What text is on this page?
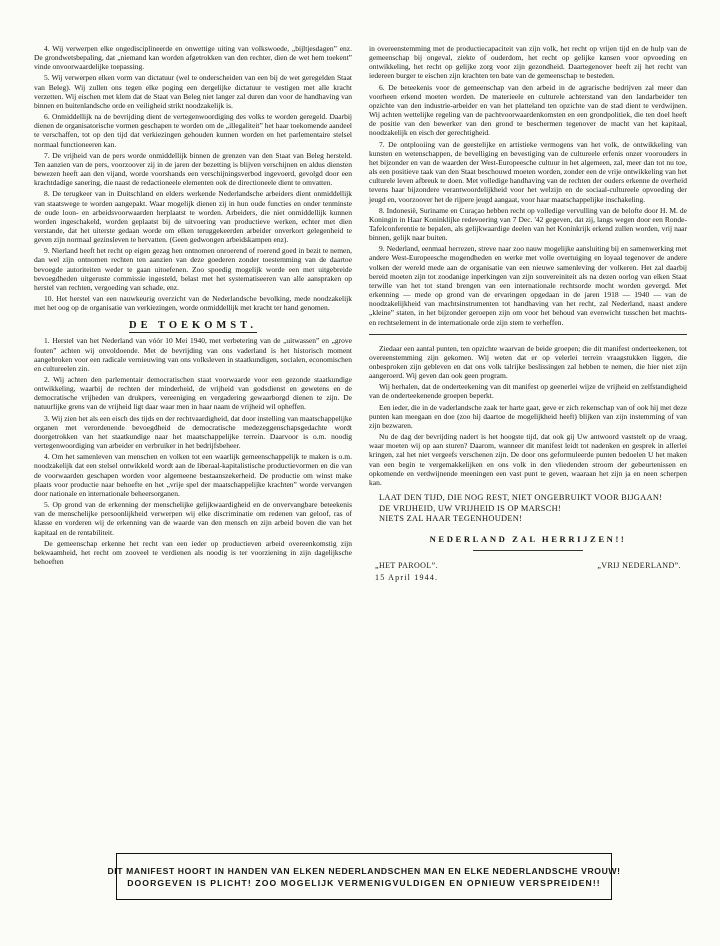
4. Wij verwerpen elke ongedisciplineerde en onwettige uiting van volkswoede, „bijltjesdagen” enz. De grondwetsbepaling, dat „niemand kan worden afgetrokken van den rechter, dien de wet hem toekent” vinde onvoorwaardelijke toepassing.

5. Wij verwerpen elken vorm van dictatuur (wel te onderscheiden van een bij de wet geregelden Staat van Beleg). Wij zullen ons tegen elke poging een dergelijke dictatuur te vestigen met alle kracht verzetten. Wij eischen met klem dat de Staat van Beleg niet langer zal duren dan voor de handhaving van binnen en buitenlandsche orde en veiligheid strikt noodzakelijk is.

6. Onmiddellijk na de bevrijding dient de vertegenwoordiging des volks te worden geregeld. Daarbij dienen de organisatorische vormen geschapen te worden om de „illegaliteit” het haar toekomende aandeel te verschaffen, tot op den tijd dat verkiezingen gehouden kunnen worden en het parlementaire stelsel normaal functioneeren kan.

7. De vrijheid van de pers worde onmiddellijk binnen de grenzen van den Staat van Beleg hersteld. Ten aanzien van de pers, voorzoover zij in de jaren der bezetting is blijven verschijnen en aldus diensten bewezen heeft aan den vijand, worde voorshands een verschijningsverbod ingevoerd, gevolgd door een krachtdadige sanering, die naast de redactioneele elementen ook de directioneele dient te omvatten.

8. De terugkeer van in Duitschland en elders werkende Nederlandsche arbeiders dient onmiddellijk van staatswege te worden aangepakt. Waar mogelijk dienen zij in hun oude functies en onder tenminste de oude loon- en arbeidsvoorwaarden herplaatst te worden. Arbeiders, die niet onmiddellijk kunnen worden ingeschakeld, worden geplaatst bij de uitvoering van productieve werken, echter met dien verstande, dat het uiterste gedaan worde om elken teruggekeerden arbeider onverkort gelegenheid te geven zijn normaal gezinsleven te hervatten. (Geen gedwongen arbeidskampen enz).

9. Nierland heeft het recht op eigen gezag hen ontnomen onroerend of roerend goed in bezit te nemen, dan wel zijn ontnomen rechten ten aanzien van deze goederen zonder toestemming van de daartoe bevoegde autoriteiten weder te gaan uitoefenen. Zoo spoedig mogelijk worde een met uitgebreide bevoegdheden uitgeruste commissie ingesteld, belast met het systematiseeren van alle aanspraken op herstel van rechten, vergoeding van schade, enz.

10. Het herstel van een nauwkeurig overzicht van de Nederlandsche bevolking, mede noodzakelijk met het oog op de organisatie van verkiezingen, worde onmiddellijk met kracht ter hand genomen.

DE TOEKOMST.

1. Herstel van het Nederland van vóór 10 Mei 1940, met verbetering van de „uitwassen” en „grove fouten” achten wij onvoldoende. Met de bevrijding van ons vaderland is het historisch moment aangebroken voor een radicale vernieuwing van ons volksleven in staatkundigen, socialen, economischen en cultureelen zin.

2. Wij achten den parlementair democratischen staat voorwaarde voor een gezonde staatkundige ontwikkeling, waarbij de rechten der minderheid, de vrijheid van godsdienst en gewetens en de democratische vrijheden van drukpers, vereeniging en vergadering gewaarborgd dienen te zijn. De natuurlijke grens van de vrijheid ligt daar waar men in haar naam de vrijheid wil opheffen.

3. Wij zien het als een eisch des tijds en der rechtvaardigheid, dat door instelling van maatschappelijke organen met verordenende bevoegdheid de democratische medezeggenschapsgedachte wordt doorgetrokken van het staatkundige naar het maatschappelijke terrein. Daarvoor is o.m. noodig vertegenwoordiging van arbeider en verbruiker in het bedrijfsbeheer.

4. Om het samenleven van menschen en volken tot een waarlijk gemeenschappelijk te maken is o.m. noodzakelijk dat een stelsel ontwikkeld wordt aan de liberaal-kapitalistische productievormen en die van de voorwaarden geschapen worden voor algemeene bestaanszekerheid. De productie om winst make plaats voor productie naar behoefte en het „vrije spel der maatschappelijke krachten” worde vervangen door nationale en internationale beheersorganen.

5. Op grond van de erkenning der menschelijke gelijkwaardigheid en de onvervangbare beteekenis van de menschelijke persoonlijkheid verwerpen wij elke discriminatie om redenen van geloof, ras of klasse en vorderen wij de erkenning van de waarde van den mensch en zijn arbeid boven die van het kapitaal en de rentabiliteit.

De gemeenschap erkenne het recht van een ieder op productieven arbeid overeenkomstig zijn bekwaamheid, het recht om zooveel te verdienen als noodig is ter voorziening in zijn dagelijksche behoeften

in overeenstemming met de productiecapaciteit van zijn volk, het recht op vrijen tijd en de hulp van de gemeenschap bij ongeval, ziekte of ouderdom, het recht op gelijke kansen voor opvoeding en ontwikkeling, het recht op gelijke zorg voor zijn gezondheid. Daartegenover heeft zij het recht van iedereen burger te eischen zijn krachten ten bate van de gemeenschap te besteden.

6. De beteekenis voor de gemeenschap van den arbeid in de agrarische bedrijven zal meer dan voorheen erkend moeten worden. De materieele en culturele achterstand van den landarbeider ten opzichte van den industrie-arbeider en van het platteland ten opzichte van de stad dient te verdwijnen. Wij achten wettelijke regeling van de pachtvoorwaardenkomsten en een grondpolitiek, die ten doel heeft de positie van den bewerker van den grond te beschermen tegenover de macht van het kapitaal, noodzakelijk en eisch der gerechtigheid.

7. De ontplooiing van de geestelijke en artistieke vermogens van het volk, de ontwikkeling van kunsten en wetenschappen, de bevelliging en bevestiging van de cultureele erfenis onzer voorouders in het bijzonder en van de waarden der West-Europeesche cultuur in het algemeen, zal, meer dan tot nu toe, als een positieve taak van den Staat beschouwd moeten worden, zonder een de vrije ontwikkeling van het culturele leven afbreuk te doen. Met volledige handhaving van de rechten der ouders erkenne de overheid tevens haar bijzondere verantwoordelijkheid voor het welzijn en de sociaal-cultureele opvoeding der jeugd en, voorzoover het de rijpere jeugd aangaat, voor haar maatschappelijke inschakeling.

8. Indonesië, Suriname en Curaçao hebben recht op volledige vervulling van de belofte door H. M. de Koningin in Haar Koninklijke redevoering van 7 Dec. '42 gegeven, dat zij, langs wegen door een Ronde-Tafelconferentie te bepalen, als gelijkwaardige deelen van het Koninkrijk erkend zullen worden, vrij naar binnen, gelijk naar buiten.

9. Nederland, eenmaal herrezen, streve naar zoo nauw mogelijke aansluiting bij en samenwerking met andere West-Europeesche mogendheden en werke met volle overtuiging en loyaal tegenover de andere volken der wereld mede aan de organisatie van een nieuwe samenleving der volkeren. Het zal daarbij bereid moeten zijn tot zoodanige inperkingen van zijn souvereiniteit als na dezen oorlog van elken Staat terwille van het tot stand brengen van een internationale rechtsorde mocht worden gevergd. Met erkenning — mede op grond van de ervaringen opgedaan in de jaren 1918 — 1940 — van de noodzakelijkheid van machtsinstrumenten tot handhaving van het recht, zal Nederland, naast andere „kleine” staten, in het bijzonder geroepen zijn om voor het behoud van evenwicht tusschen het machts- en rechtselement in de internationale orde zijn stem te verheffen.

Ziedaar een aantal punten, ten opzichte waarvan de beide groepen; die dit manifest onderteekenen, tot overeenstemming zijn gekomen. Wij weten dat er op velerlei terrein vraagstukken liggen, die onbesproken zijn gebleven en dat ons volk talrijke beslissingen zal hebben te nemen, die hier niet zijn aangeroerd. Wij geven dan ook geen program.

Wij herhalen, dat de onderteekening van dit manifest op geenerlei wijze de vrijheid en zelfstandigheid van de onderteekenende groepen beperkt.

Een ieder, die in de vaderlandsche zaak ter harte gaat, geve er zich rekenschap van of ook hij met deze punten kan meegaan en doe (zoo hij daartoe de mogelijkheid heeft) blijken van zijn instemming of van zijn bezwaren.

Nu de dag der bevrijding nadert is het hoogste tijd, dat ook gij Uw antwoord vaststelt op de vraag, waar moeten wij op aan sturen? Daarom, wanneer dit manifest leidt tot nadenken en gesprek in allerlei kringen, zal het niet vergeefs verschenen zijn. De door ons geformuleerde punten bedoelen U het maken van een begin te vergemakkelijken en ons volk in den vliedenden stroom der gebeurtenissen en opkomende en verdwijnende meeningen een vast punt te geven, waaraan het zijn ja en neen scherpen kan.

LAAT DEN TIJD, DIE NOG REST, NIET ONGEBRUIKT VOOR BIJGAAN!

DE VRIJHEID, UW VRIJHEID IS OP MARSCH!

NIETS ZAL HAAR TEGENHOUDEN!

NEDERLAND ZAL HERRIJZEN!!
„HET PAROOL”.	„VRIJ NEDERLAND”.
15 April 1944.
DIT MANIFEST HOORT IN HANDEN VAN ELKEN NEDERLANDSCHEN MAN EN ELKE NEDERLANDSCHE VROUW!
DOORGEVEN IS PLICHT! ZOO MOGELIJK VERMENIGVULDIGEN EN OPNIEUW VERSPREIDEN!!
